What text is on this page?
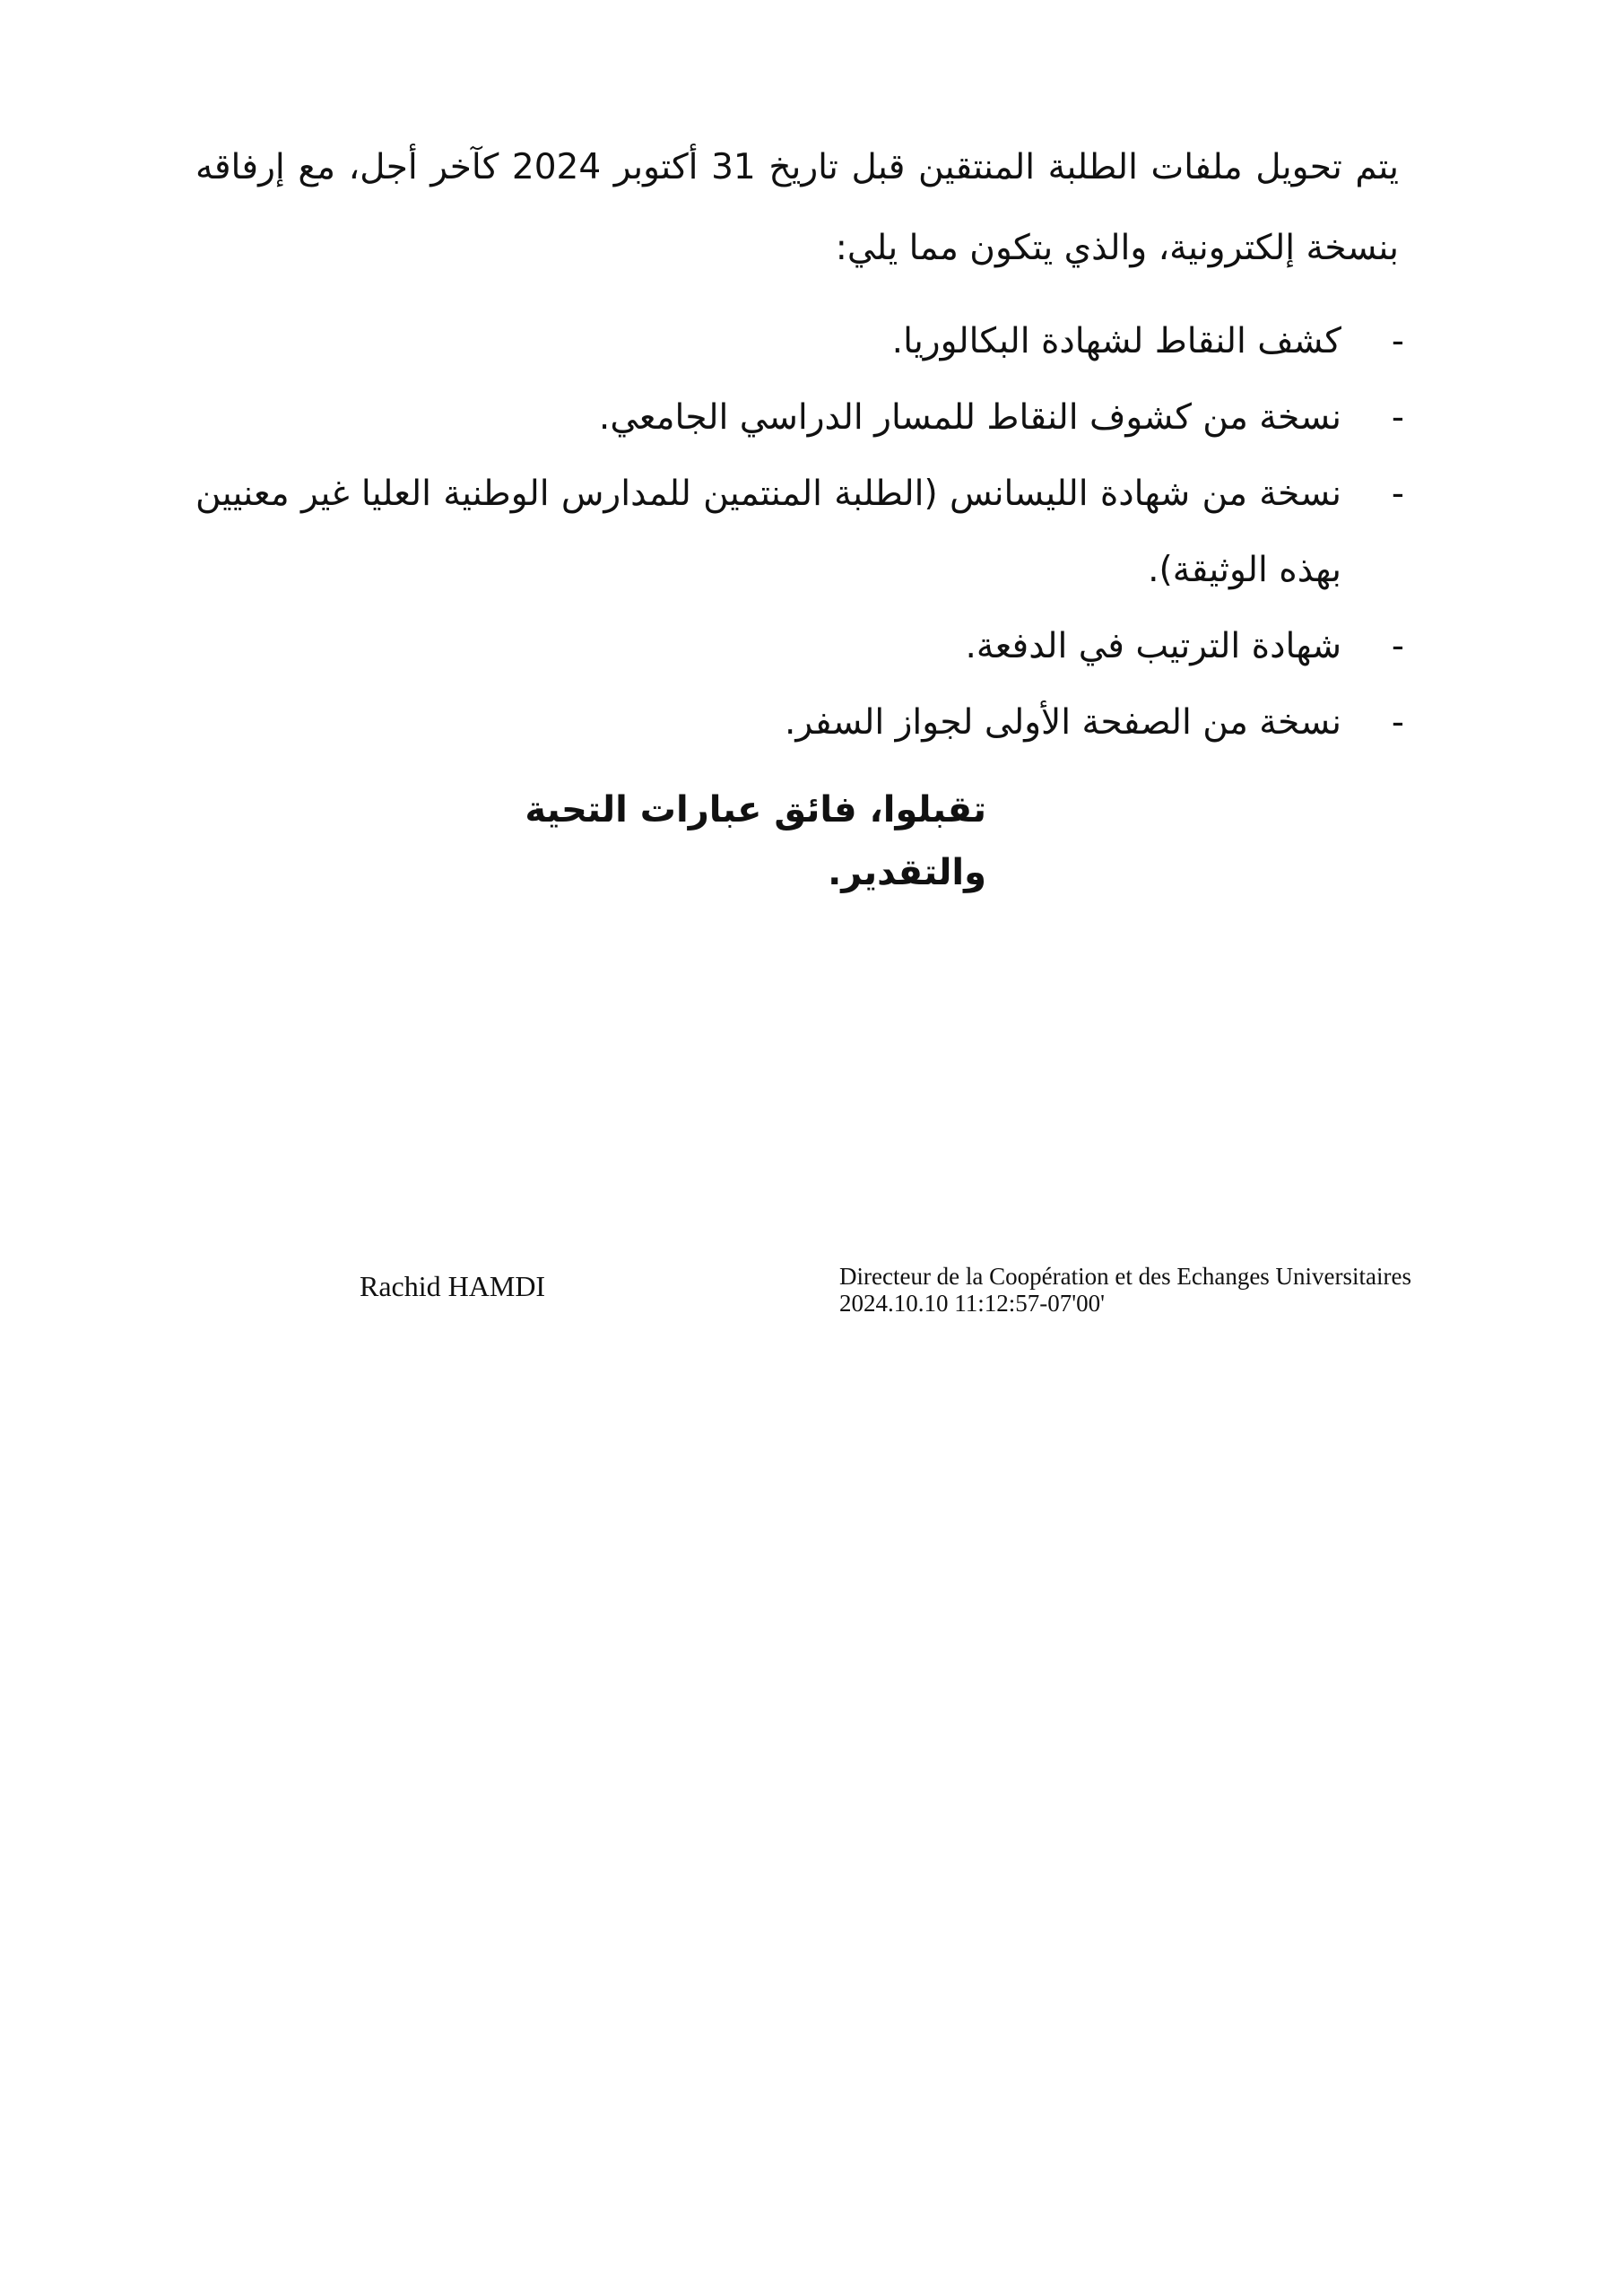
يتم تحويل ملفات الطلبة المنتقين قبل تاريخ 31 أكتوبر 2024 كآخر أجل، مع إرفاقه بنسخة إلكترونية، والذي يتكون مما يلي:

-
كشف النقاط لشهادة البكالوريا.
-
نسخة من كشوف النقاط للمسار الدراسي الجامعي.
-
نسخة من شهادة الليسانس (الطلبة المنتمين للمدارس الوطنية العليا غير معنيين بهذه الوثيقة).
-
شهادة الترتيب في الدفعة.
-
نسخة من الصفحة الأولى لجواز السفر.

تقبلوا، فائق عبارات التحية والتقدير.

Rachid HAMDI	Directeur de la Coopération et des Echanges Universitaires
2024.10.10 11:12:57-07'00'
